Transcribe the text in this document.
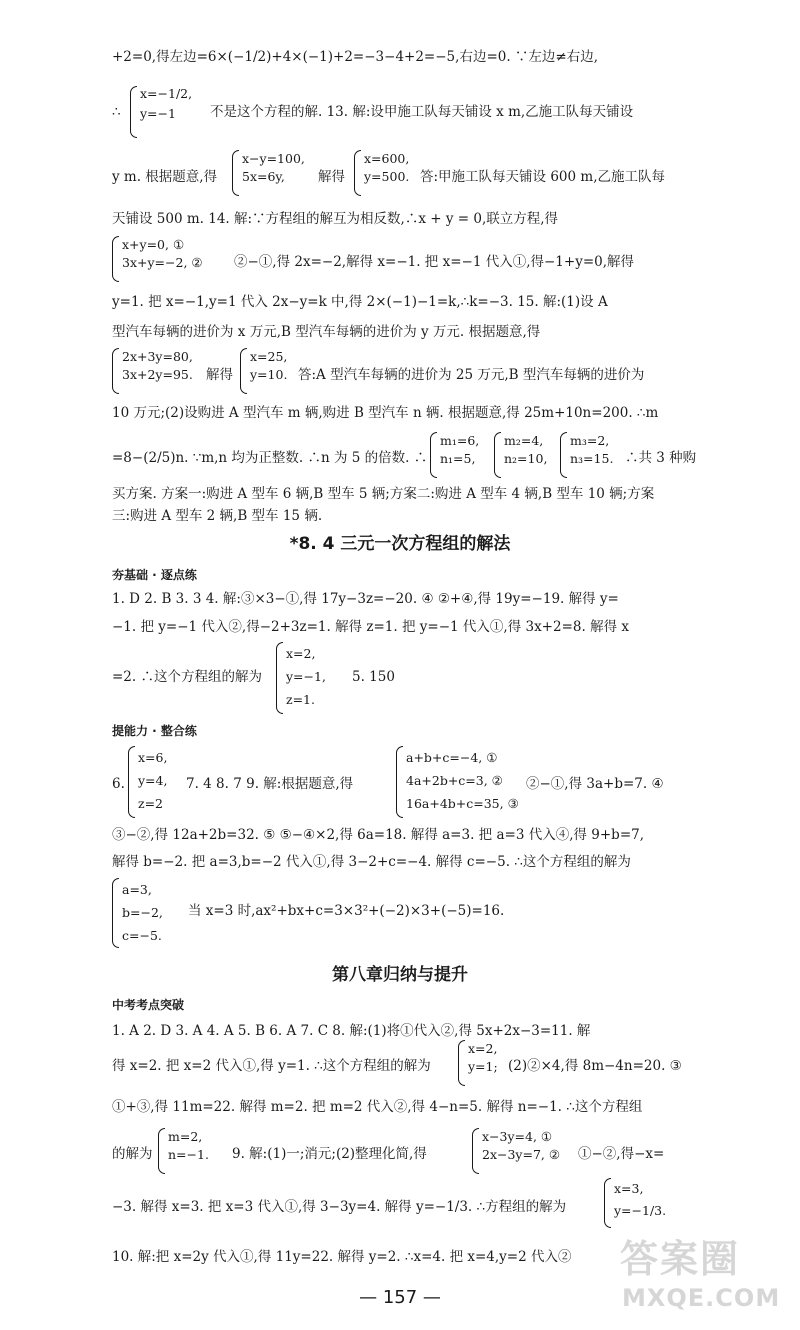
+2=0,得左边=6×(−1/2)+4×(−1)+2=−3−4+2=−5,右边=0. ∵左边≠右边,
∴
x=−1/2,
y=−1	不是这个方程的解. 13. 解:设甲施工队每天铺设 x m,乙施工队每天铺设
y m. 根据题意,得
x−y=100,
5x=6y,	解得
x=600,
y=500. 答:甲施工队每天铺设 600 m,乙施工队每
天铺设 500 m. 14. 解:∵方程组的解互为相反数,∴x + y = 0,联立方程,得
x+y=0, ①
3x+y=−2, ② ②−①,得 2x=−2,解得 x=−1. 把 x=−1 代入①,得−1+y=0,解得
y=1. 把 x=−1,y=1 代入 2x−y=k 中,得 2×(−1)−1=k,∴k=−3. 15. 解:(1)设 A
型汽车每辆的进价为 x 万元,B 型汽车每辆的进价为 y 万元. 根据题意,得
2x+3y=80,
3x+2y=95. 解得
x=25,
y=10. 答:A 型汽车每辆的进价为 25 万元,B 型汽车每辆的进价为
10 万元;(2)设购进 A 型汽车 m 辆,购进 B 型汽车 n 辆. 根据题意,得 25m+10n=200. ∴m
=8−(2/5)n. ∵m,n 均为正整数. ∴n 为 5 的倍数. ∴
m₁=6,
n₁=5,
m₂=4,
n₂=10,
m₃=2,
n₃=15. ∴共 3 种购
买方案. 方案一:购进 A 型车 6 辆,B 型车 5 辆;方案二:购进 A 型车 4 辆,B 型车 10 辆;方案
三:购进 A 型车 2 辆,B 型车 15 辆.
*8. 4 三元一次方程组的解法
夯基础 · 逐点练
1. D 2. B 3. 3 4. 解:③×3−①,得 17y−3z=−20. ④ ②+④,得 19y=−19. 解得 y=
−1. 把 y=−1 代入②,得−2+3z=1. 解得 z=1. 把 y=−1 代入①,得 3x+2=8. 解得 x
=2. ∴这个方程组的解为
x=2,
y=−1,
z=1.
5. 150
提能力 · 整合练
6.
x=6,
y=4,
z=2
7. 4 8. 7 9. 解:根据题意,得
a+b+c=−4, ①
4a+2b+c=3, ②
16a+4b+c=35, ③
②−①,得 3a+b=7. ④
③−②,得 12a+2b=32. ⑤ ⑤−④×2,得 6a=18. 解得 a=3. 把 a=3 代入④,得 9+b=7,
解得 b=−2. 把 a=3,b=−2 代入①,得 3−2+c=−4. 解得 c=−5. ∴这个方程组的解为
a=3,
b=−2,
c=−5.
当 x=3 时,ax²+bx+c=3×3²+(−2)×3+(−5)=16.
第八章归纳与提升
中考考点突破
1. A 2. D 3. A 4. A 5. B 6. A 7. C 8. 解:(1)将①代入②,得 5x+2x−3=11. 解
得 x=2. 把 x=2 代入①,得 y=1. ∴这个方程组的解为
x=2,
y=1; (2)②×4,得 8m−4n=20. ③
①+③,得 11m=22. 解得 m=2. 把 m=2 代入②,得 4−n=5. 解得 n=−1. ∴这个方程组
的解为
m=2,
n=−1. 9. 解:(1)一;消元;(2)整理化简,得
x−3y=4, ①
2x−3y=7, ② ①−②,得−x=
−3. 解得 x=3. 把 x=3 代入①,得 3−3y=4. 解得 y=−1/3. ∴方程组的解为
x=3,
y=−1/3.
10. 解:把 x=2y 代入①,得 11y=22. 解得 y=2. ∴x=4. 把 x=4,y=2 代入②
— 157 —
答案圈
MXQE.COM
